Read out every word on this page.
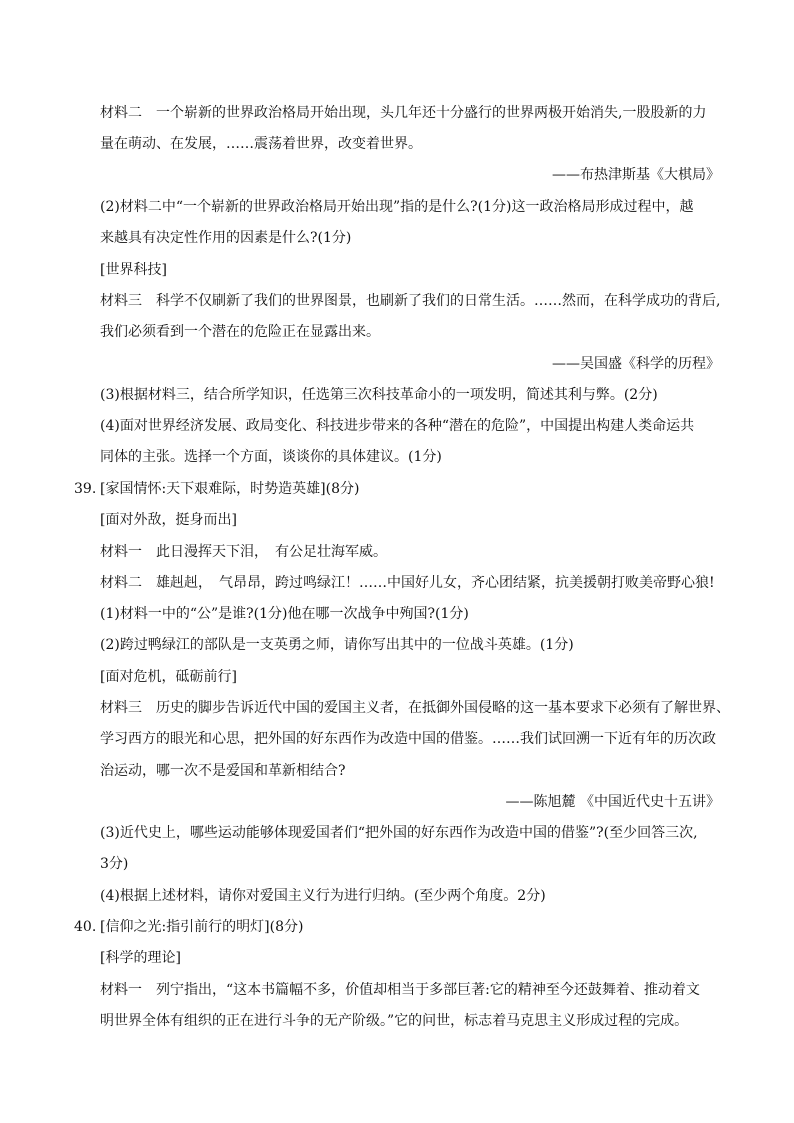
材料二　一个崭新的世界政治格局开始出现，头几年还十分盛行的世界两极开始消失,一股股新的力
量在萌动、在发展，……震荡着世界，改变着世界。
——布热津斯基《大棋局》
(2)材料二中“一个崭新的世界政治格局开始出现”指的是什么?(1分)这一政治格局形成过程中，越
来越具有决定性作用的因素是什么?(1分)
[世界科技]
材料三　科学不仅刷新了我们的世界图景，也刷新了我们的日常生活。……然而，在科学成功的背后,
我们必须看到一个潜在的危险正在显露出来。
——吴国盛《科学的历程》
(3)根据材料三，结合所学知识，任选第三次科技革命小的一项发明，简述其利与弊。(2分)
(4)面对世界经济发展、政局变化、科技进步带来的各种“潜在的危险”，中国提出构建人类命运共
同体的主张。选择一个方面，谈谈你的具体建议。(1分)
39. [家国情怀:天下艰难际，时势造英雄](8分)
[面对外敌，挺身而出]
材料一　此日漫挥天下泪，　有公足壮海军威。
材料二　雄赳赳，　气昂昂，跨过鸣绿江！……中国好儿女，齐心团结紧，抗美援朝打败美帝野心狼!
(1)材料一中的“公”是谁?(1分)他在哪一次战争中殉国?(1分)
(2)跨过鸭绿江的部队是一支英勇之师，请你写出其中的一位战斗英雄。(1分)
[面对危机，砥砺前行]
材料三　历史的脚步告诉近代中国的爱国主义者，在抵御外国侵略的这一基本要求下必须有了解世界、
学习西方的眼光和心思，把外国的好东西作为改造中国的借鉴。……我们试回溯一下近有年的历次政
治运动，哪一次不是爱国和革新相结合?
——陈旭麓 《中国近代史十五讲》
(3)近代史上，哪些运动能够体现爱国者们“把外国的好东西作为改造中国的借鉴”?(至少回答三次,
3分)
(4)根据上述材料，请你对爱国主义行为进行归纳。(至少两个角度。2分)
40. [信仰之光:指引前行的明灯](8分)
[科学的理论]
材料一　列宁指出，“这本书篇幅不多，价值却相当于多部巨著:它的精神至今还鼓舞着、推动着文
明世界全体有组织的正在进行斗争的无产阶级。”它的问世，标志着马克思主义形成过程的完成。
